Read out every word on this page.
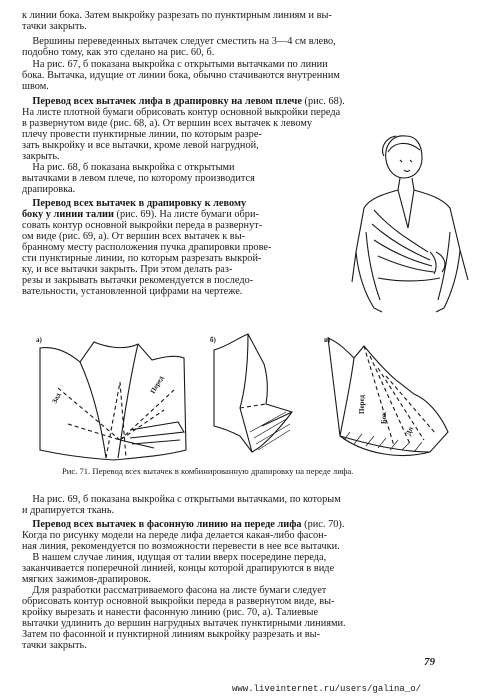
к линии бока. Затем выкройку разрезать по пунктирным линиям и вы-
тачки закрыть.
Вершины переведенных вытачек следует сместить на 3—4 см влево,
подобно тому, как это сделано на рис. 60, б.
На рис. 67, б показана выкройка с открытыми вытачками по линии
бока. Вытачка, идущие от линии бока, обычно стачиваются внутренним
швом.
Перевод всех вытачек лифа в драпировку на левом плече (рис. 68).
На листе плотной бумаги обрисовать контур основной выкройки переда
в развернутом виде (рис. 68, а). От вершин всех вытачек к левому
плечу провести пунктирные линии, по которым разре-
зать выкройку и все вытачки, кроме левой нагрудной,
закрыть.
На рис. 68, б показана выкройка с открытыми
вытачками в левом плече, по которому производится
драпировка.
Перевод всех вытачек в драпировку к левому
боку у линии талии (рис. 69). На листе бумаги обри-
совать контур основной выкройки переда в развернут-
ом виде (рис. 69, а). От вершин всех вытачек к вы-
бранному месту расположения пучка драпировки прове-
сти пунктирные линии, по которым разрезать выкрой-
ку, и все вытачки закрыть. При этом делать раз-
резы и закрывать вытачки рекомендуется в последо-
вательности, установленной цифрами на чертеже.
а)
Зад
Перед
б)	в)
Перед
Бок
Дп
Рис. 71. Перевод всех вытачек в комбинированную драпировку на переде лифа.
На рис. 69, б показана выкройка с открытыми вытачками, по которым
и драпируется ткань.
Перевод всех вытачек в фасонную линию на переде лифа (рис. 70).
Когда по рисунку модели на переде лифа делается какая-либо фасон-
ная линия, рекомендуется по возможности перевести в нее все вытачки.
В нашем случае линия, идущая от талии вверх посередине переда,
заканчивается поперечной линией, концы которой драпируются в виде
мягких зажимов-драпировок.
Для разработки рассматриваемого фасона на листе бумаги следует
обрисовать контур основной выкройки переда в развернутом виде, вы-
кройку вырезать и нанести фасонную линию (рис. 70, а). Талиевые
вытачки удлинить до вершин нагрудных вытачек пунктирными линиями.
Затем по фасонной и пунктирной линиям выкройку разрезать и вы-
тачки закрыть.
79
www.liveinternet.ru/users/galina_o/
